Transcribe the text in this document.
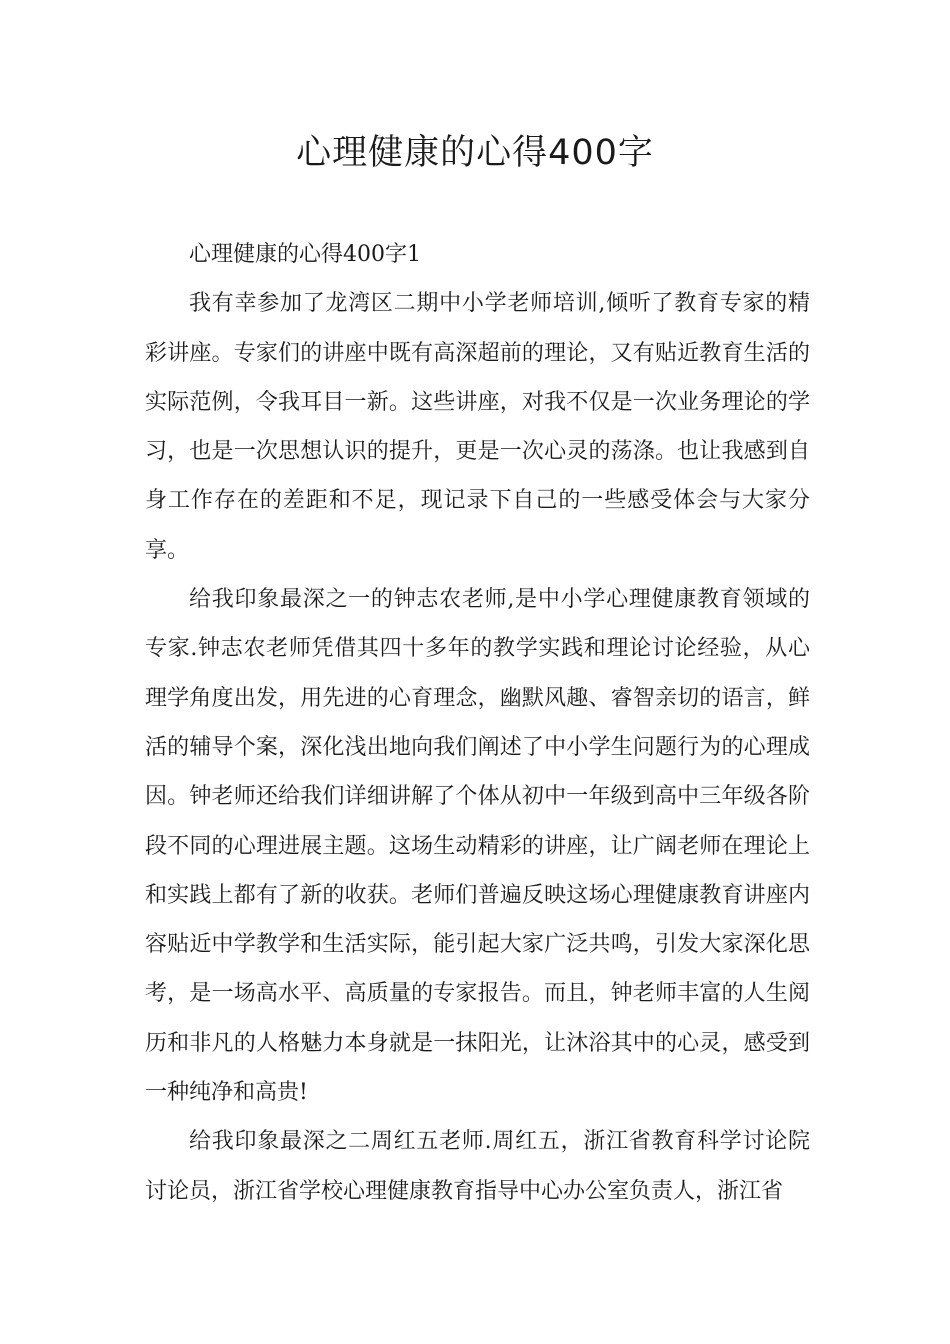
心理健康的心得400字

心理健康的心得400字1

我有幸参加了龙湾区二期中小学老师培训,倾听了教育专家的精彩讲座。专家们的讲座中既有高深超前的理论，又有贴近教育生活的实际范例，令我耳目一新。这些讲座，对我不仅是一次业务理论的学习，也是一次思想认识的提升，更是一次心灵的荡涤。也让我感到自身工作存在的差距和不足，现记录下自己的一些感受体会与大家分享。

给我印象最深之一的钟志农老师,是中小学心理健康教育领域的专家.钟志农老师凭借其四十多年的教学实践和理论讨论经验，从心理学角度出发，用先进的心育理念，幽默风趣、睿智亲切的语言，鲜活的辅导个案，深化浅出地向我们阐述了中小学生问题行为的心理成因。钟老师还给我们详细讲解了个体从初中一年级到高中三年级各阶段不同的心理进展主题。这场生动精彩的讲座，让广阔老师在理论上和实践上都有了新的收获。老师们普遍反映这场心理健康教育讲座内容贴近中学教学和生活实际，能引起大家广泛共鸣，引发大家深化思考，是一场高水平、高质量的专家报告。而且，钟老师丰富的人生阅历和非凡的人格魅力本身就是一抹阳光，让沐浴其中的心灵，感受到一种纯净和高贵!

给我印象最深之二周红五老师.周红五，浙江省教育科学讨论院讨论员，浙江省学校心理健康教育指导中心办公室负责人，浙江省
